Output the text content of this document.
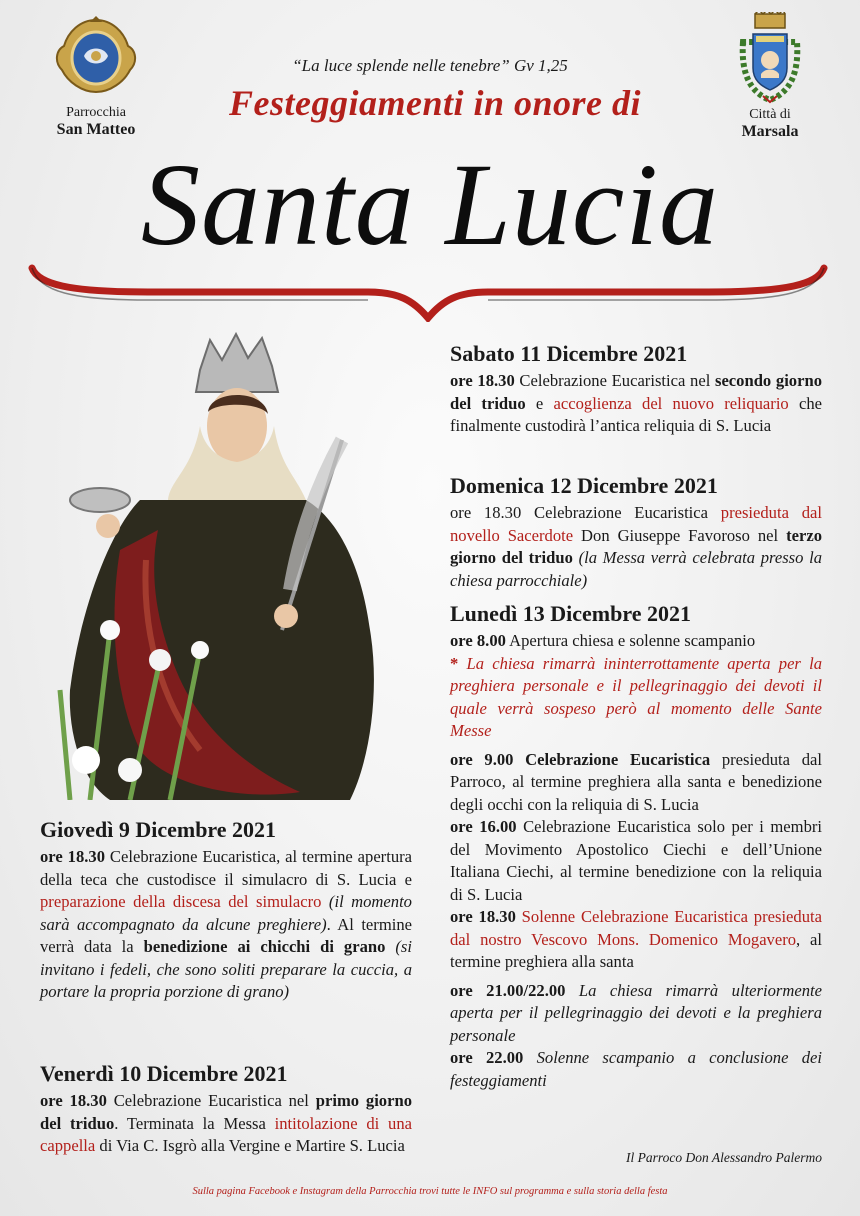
Parrocchia
San Matteo
Città di
Marsala
“La luce splende nelle tenebre” Gv 1,25
Festeggiamenti in onore di
Santa Lucia
Sabato 11 Dicembre 2021

ore 18.30 Celebrazione Eucaristica nel secondo giorno del triduo e accoglienza del nuovo reliquario che finalmente custodirà l’antica reliquia di S. Lucia

Domenica 12 Dicembre 2021

ore 18.30 Celebrazione Eucaristica presieduta dal novello Sacerdote Don Giuseppe Favoroso nel terzo giorno del triduo (la Messa verrà celebrata presso la chiesa parrocchiale)

Lunedì 13 Dicembre 2021

ore 8.00 Apertura chiesa e solenne scampanio
* La chiesa rimarrà ininterrottamente aperta per la preghiera personale e il pellegrinaggio dei devoti il quale verrà sospeso però al momento delle Sante Messe

ore 9.00 Celebrazione Eucaristica presieduta dal Parroco, al termine preghiera alla santa e benedizione degli occhi con la reliquia di S. Lucia
ore 16.00 Celebrazione Eucaristica solo per i membri del Movimento Apostolico Ciechi e dell’Unione Italiana Ciechi, al termine benedizione con la reliquia di S. Lucia
ore 18.30 Solenne Celebrazione Eucaristica presieduta dal nostro Vescovo Mons. Domenico Mogavero, al termine preghiera alla santa

ore 21.00/22.00 La chiesa rimarrà ulteriormente aperta per il pellegrinaggio dei devoti e la preghiera personale
ore 22.00 Solenne scampanio a conclusione dei festeggiamenti

Giovedì 9 Dicembre 2021

ore 18.30 Celebrazione Eucaristica, al termine apertura della teca che custodisce il simulacro di S. Lucia e preparazione della discesa del simulacro (il momento sarà accompagnato da alcune preghiere). Al termine verrà data la benedizione ai chicchi di grano (si invitano i fedeli, che sono soliti preparare la cuccia, a portare la propria porzione di grano)

Venerdì 10 Dicembre 2021

ore 18.30 Celebrazione Eucaristica nel primo giorno del triduo. Terminata la Messa intitolazione di una cappella di Via C. Isgrò alla Vergine e Martire S. Lucia

Il Parroco Don Alessandro Palermo
Sulla pagina Facebook e Instagram della Parrocchia trovi tutte le INFO sul programma e sulla storia della festa
